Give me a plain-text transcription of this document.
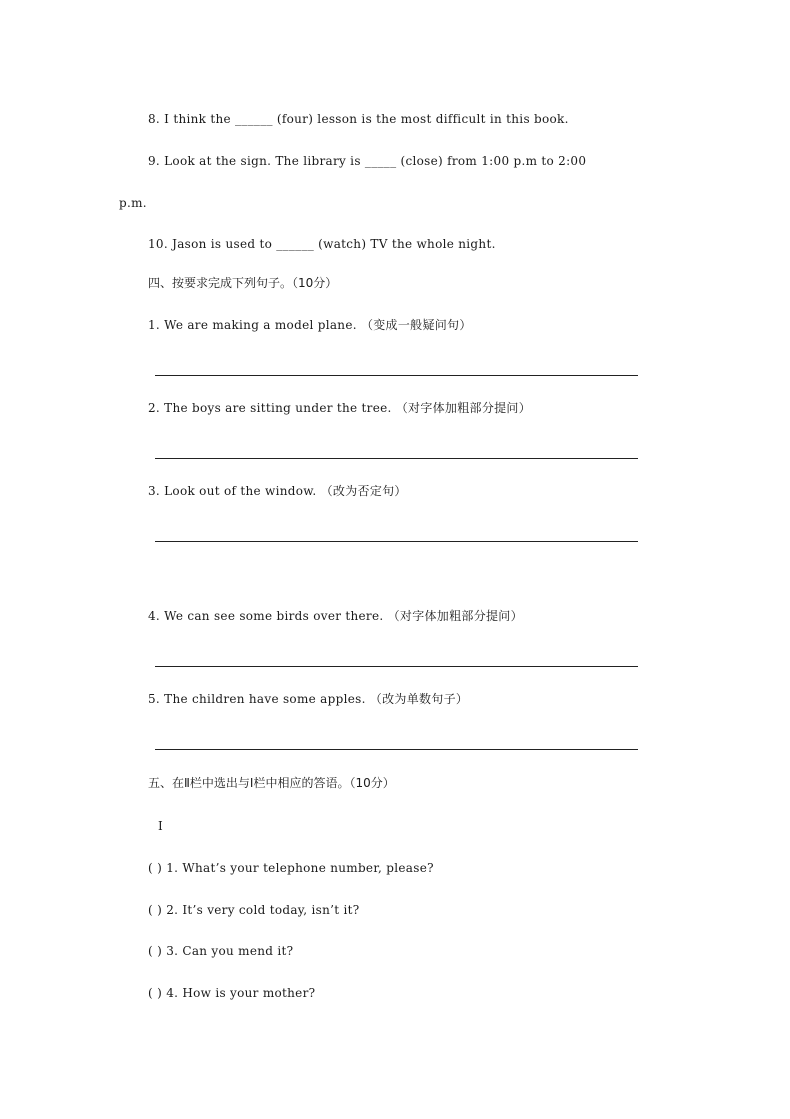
8. I think the ______ (four) lesson is the most difficult in this book.
9. Look at the sign. The library is _____ (close) from 1:00 p.m to 2:00
p.m.
10. Jason is used to ______ (watch) TV the whole night.
四、按要求完成下列句子。（10分）
1. We are making a model plane. （变成一般疑问句）
2. The boys are sitting under the tree. （对字体加粗部分提问）
3. Look out of the window. （改为否定句）
4. We can see some birds over there. （对字体加粗部分提问）
5. The children have some apples. （改为单数句子）
五、在Ⅱ栏中选出与Ⅰ栏中相应的答语。（10分）
Ⅰ
( ) 1. What’s your telephone number, please?
( ) 2. It’s very cold today, isn’t it?
( ) 3. Can you mend it?
( ) 4. How is your mother?
